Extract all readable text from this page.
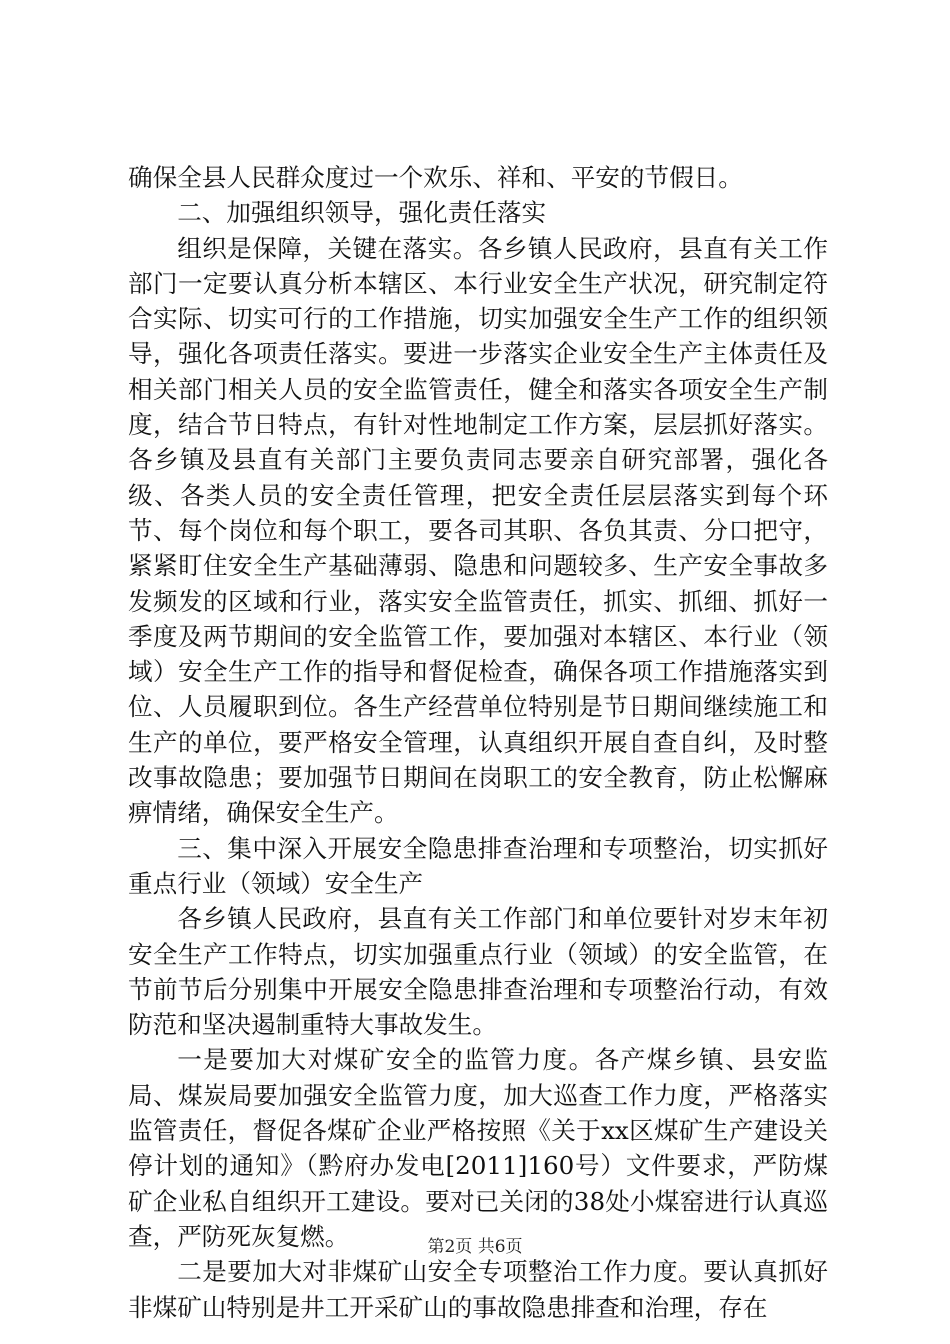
确保全县人民群众度过一个欢乐、祥和、平安的节假日。

二、加强组织领导，强化责任落实

组织是保障，关键在落实。各乡镇人民政府，县直有关工作部门一定要认真分析本辖区、本行业安全生产状况，研究制定符合实际、切实可行的工作措施，切实加强安全生产工作的组织领导，强化各项责任落实。要进一步落实企业安全生产主体责任及相关部门相关人员的安全监管责任，健全和落实各项安全生产制度，结合节日特点，有针对性地制定工作方案，层层抓好落实。各乡镇及县直有关部门主要负责同志要亲自研究部署，强化各级、各类人员的安全责任管理，把安全责任层层落实到每个环节、每个岗位和每个职工，要各司其职、各负其责、分口把守，紧紧盯住安全生产基础薄弱、隐患和问题较多、生产安全事故多发频发的区域和行业，落实安全监管责任，抓实、抓细、抓好一季度及两节期间的安全监管工作，要加强对本辖区、本行业（领域）安全生产工作的指导和督促检查，确保各项工作措施落实到位、人员履职到位。各生产经营单位特别是节日期间继续施工和生产的单位，要严格安全管理，认真组织开展自查自纠，及时整改事故隐患；要加强节日期间在岗职工的安全教育，防止松懈麻痹情绪，确保安全生产。

三、集中深入开展安全隐患排查治理和专项整治，切实抓好重点行业（领域）安全生产

各乡镇人民政府，县直有关工作部门和单位要针对岁末年初安全生产工作特点，切实加强重点行业（领域）的安全监管，在节前节后分别集中开展安全隐患排查治理和专项整治行动，有效防范和坚决遏制重特大事故发生。

一是要加大对煤矿安全的监管力度。各产煤乡镇、县安监局、煤炭局要加强安全监管力度，加大巡查工作力度，严格落实监管责任，督促各煤矿企业严格按照《关于xx区煤矿生产建设关停计划的通知》（黔府办发电[2011]160号）文件要求，严防煤矿企业私自组织开工建设。要对已关闭的38处小煤窑进行认真巡查，严防死灰复燃。

二是要加大对非煤矿山安全专项整治工作力度。要认真抓好非煤矿山特别是井工开采矿山的事故隐患排查和治理，存在

第2页 共6页
